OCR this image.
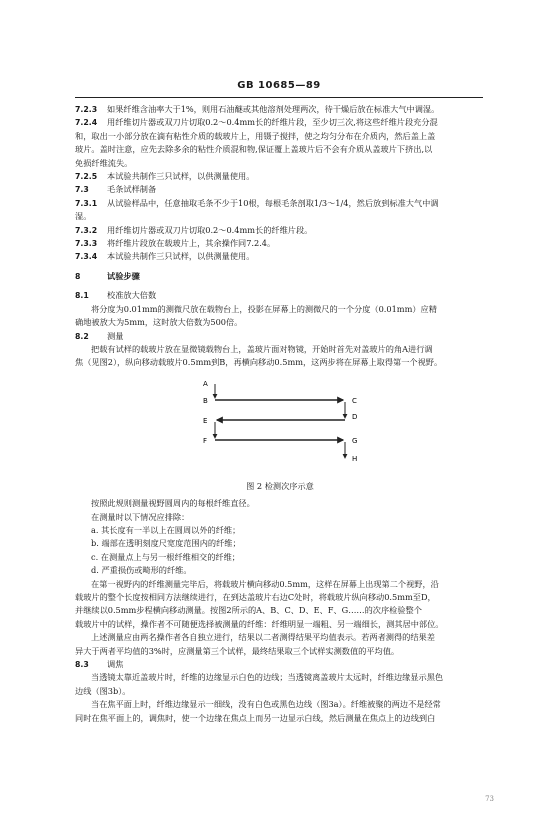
GB 10685—89

7.2.3 如果纤维含油率大于1%，则用石油醚或其他溶剂处理两次，待干燥后放在标准大气中调湿。

7.2.4 用纤维切片器或双刀片切取0.2～0.4mm长的纤维片段，至少切三次,将这些纤维片段充分混

和，取出一小部分放在滴有粘性介质的载玻片上，用镊子搅拌，使之均匀分布在介质内，然后盖上盖

玻片。盖时注意，应先去除多余的粘性介质混和物,保证覆上盖玻片后不会有介质从盖玻片下挤出,以

免损纤维流失。

7.2.5 本试验共制作三只试样，以供测量使用。

7.3 毛条试样制备

7.3.1 从试验样品中，任意抽取毛条不少于10根，每根毛条剖取1/3～1/4，然后放到标准大气中调

湿。

7.3.2 用纤维切片器或双刀片切取0.2～0.4mm长的纤维片段。

7.3.3 将纤维片段放在载玻片上，其余操作同7.2.4。

7.3.4 本试验共制作三只试样，以供测量使用。

8	试验步骤

8.1 校准放大倍数

将分度为0.01mm的测微尺放在载物台上，投影在屏幕上的测微尺的一个分度（0.01mm）应精

确地被放大为5mm，这时放大倍数为500倍。

8.2 测量

把载有试样的载玻片放在显微镜载物台上，盖玻片面对物镜，开始时首先对盖玻片的角A进行调

焦（见图2），纵向移动载玻片0.5mm到B，再横向移动0.5mm，这两步将在屏幕上取得第一个视野。

A
B
E
F
C
D
G
H
图 2 检测次序示意

按照此规则测量视野圆周内的每根纤维直径。

在测量时以下情况应排除：

a. 其长度有一半以上在圆周以外的纤维；

b. 端部在透明刻度尺宽度范围内的纤维；

c. 在测量点上与另一根纤维相交的纤维；

d. 严重损伤或畸形的纤维。

在第一视野内的纤维测量完毕后，将载玻片横向移动0.5mm，这样在屏幕上出现第二个视野，沿

载玻片的整个长度按相同方法继续进行，在到达盖玻片右边C处时，将载玻片纵向移动0.5mm至D，

并继续以0.5mm步程横向移动测量。按图2所示的A、B、C、D、E、F、G……的次序检验整个

载玻片中的试样，操作者不可随便选择被测量的纤维：纤维明显一端粗、另一端细长，测其居中部位。

上述测量应由两名操作者各自独立进行，结果以二者测得结果平均值表示。若两者测得的结果差

异大于两者平均值的3%时，应测量第三个试样，最终结果取三个试样实测数值的平均值。

8.3 调焦

当透镜太靠近盖玻片时，纤维的边缘显示白色的边线；当透镜离盖玻片太远时，纤维边缘显示黑色

边线（图3b）。

当在焦平面上时，纤维边缘显示一细线，没有白色或黑色边线（图3a）。纤维被聚的两边不是经常

同时在焦平面上的，调焦时，使一个边缘在焦点上而另一边显示白线，然后测量在焦点上的边线到白

73
